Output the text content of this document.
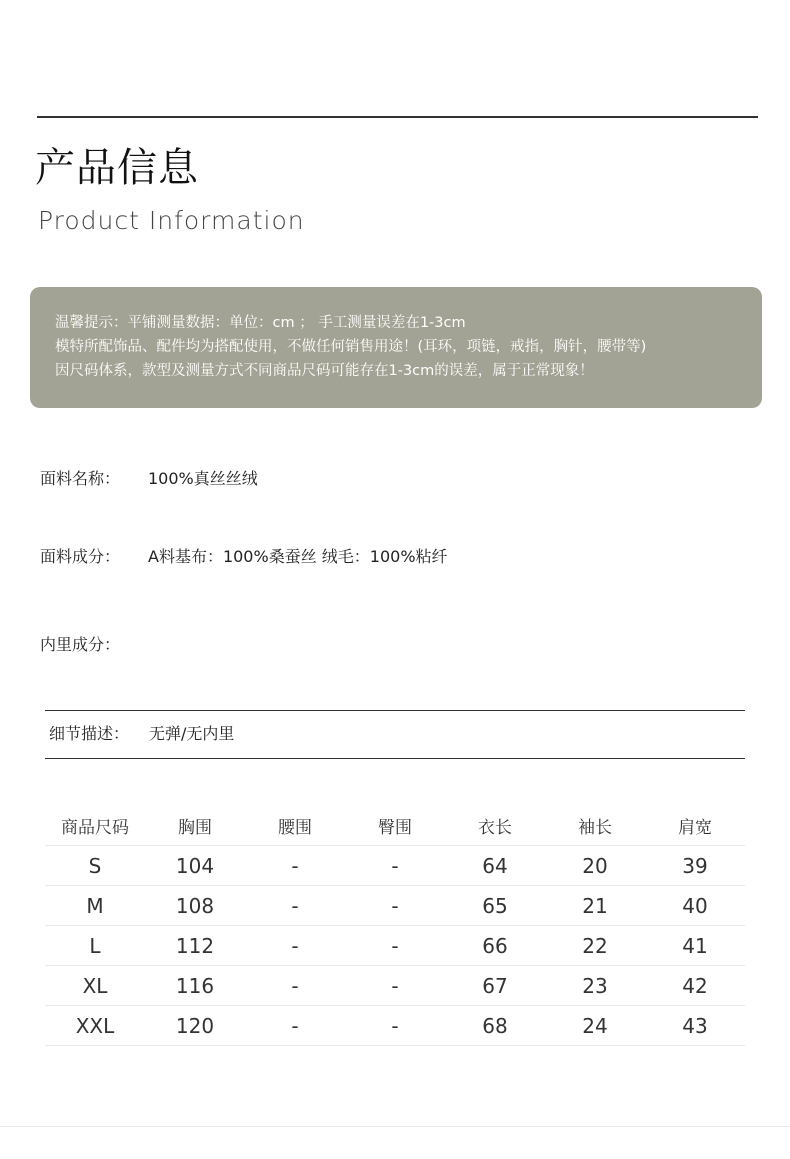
产品信息
Product Information
温馨提示：平铺测量数据：单位：cm ； 手工测量误差在1-3cm
模特所配饰品、配件均为搭配使用，不做任何销售用途！(耳环，项链，戒指，胸针，腰带等)
因尺码体系，款型及测量方式不同商品尺码可能存在1-3cm的误差，属于正常现象！
面料名称： 100%真丝丝绒
面料成分： A料基布：100%桑蚕丝 绒毛：100%粘纤
内里成分：
细节描述： 无弹/无内里
商品尺码	胸围	腰围	臀围	衣长	袖长	肩宽
S	104	-	-	64	20	39
M	108	-	-	65	21	40
L	112	-	-	66	22	41
XL	116	-	-	67	23	42
XXL	120	-	-	68	24	43
